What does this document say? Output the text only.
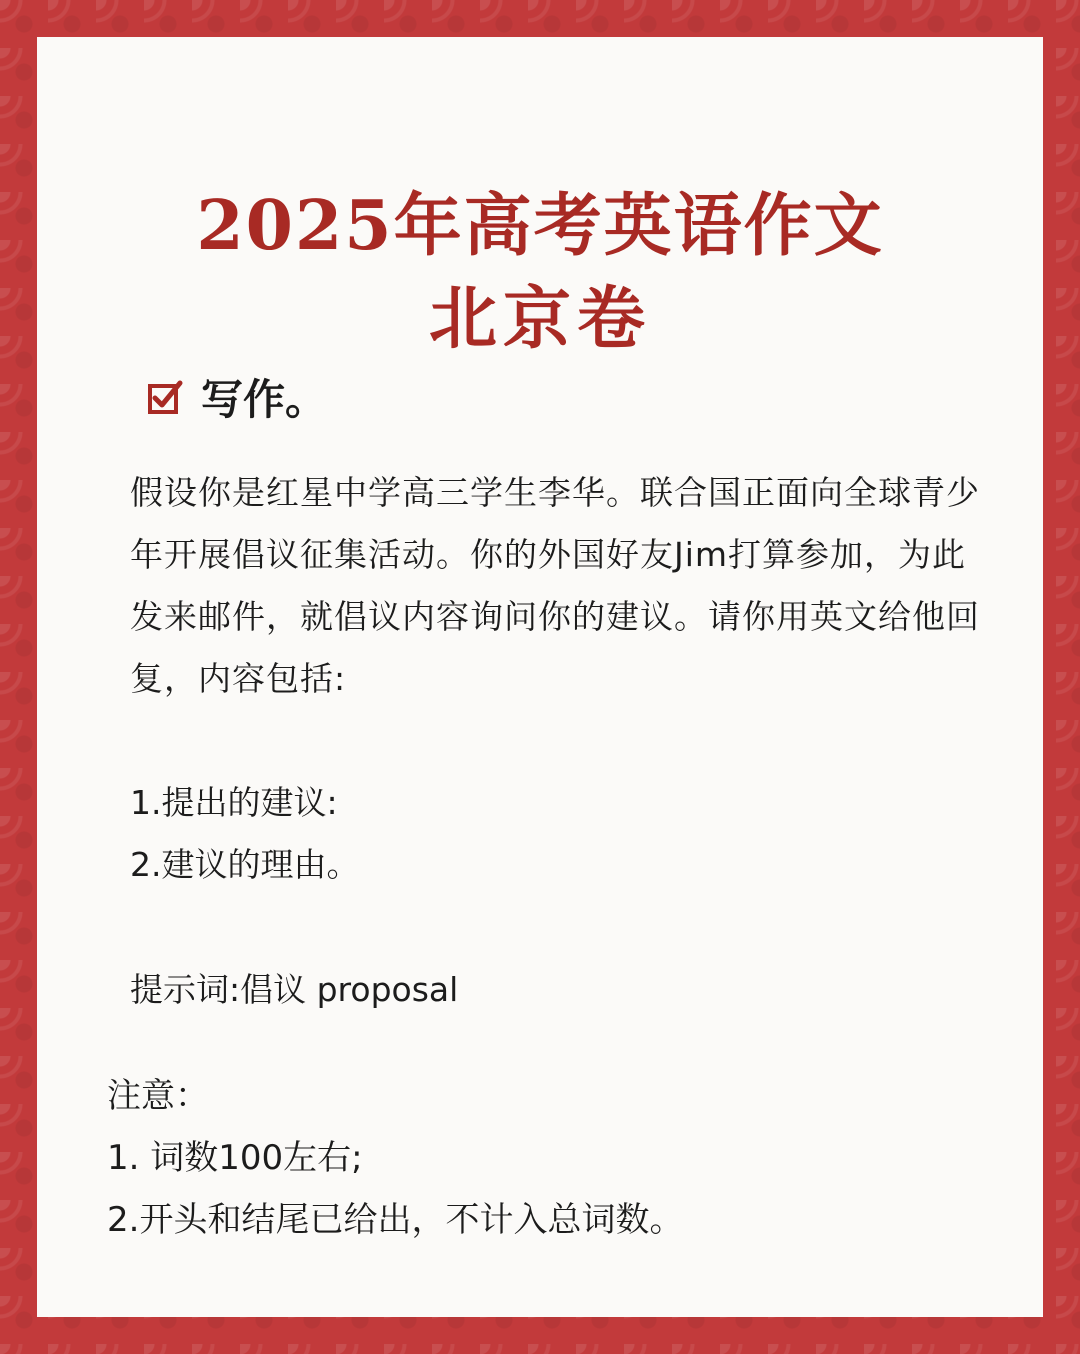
2025年高考英语作文
北京卷
写作。

假设你是红星中学高三学生李华。联合国正面向全球青少年开展倡议征集活动。你的外国好友Jim打算参加，为此发来邮件，就倡议内容询问你的建议。请你用英文给他回复，内容包括:

1.提出的建议:
2.建议的理由。
提示词:倡议 proposal
注意：
1. 词数100左右;
2.开头和结尾已给出，不计入总词数。
